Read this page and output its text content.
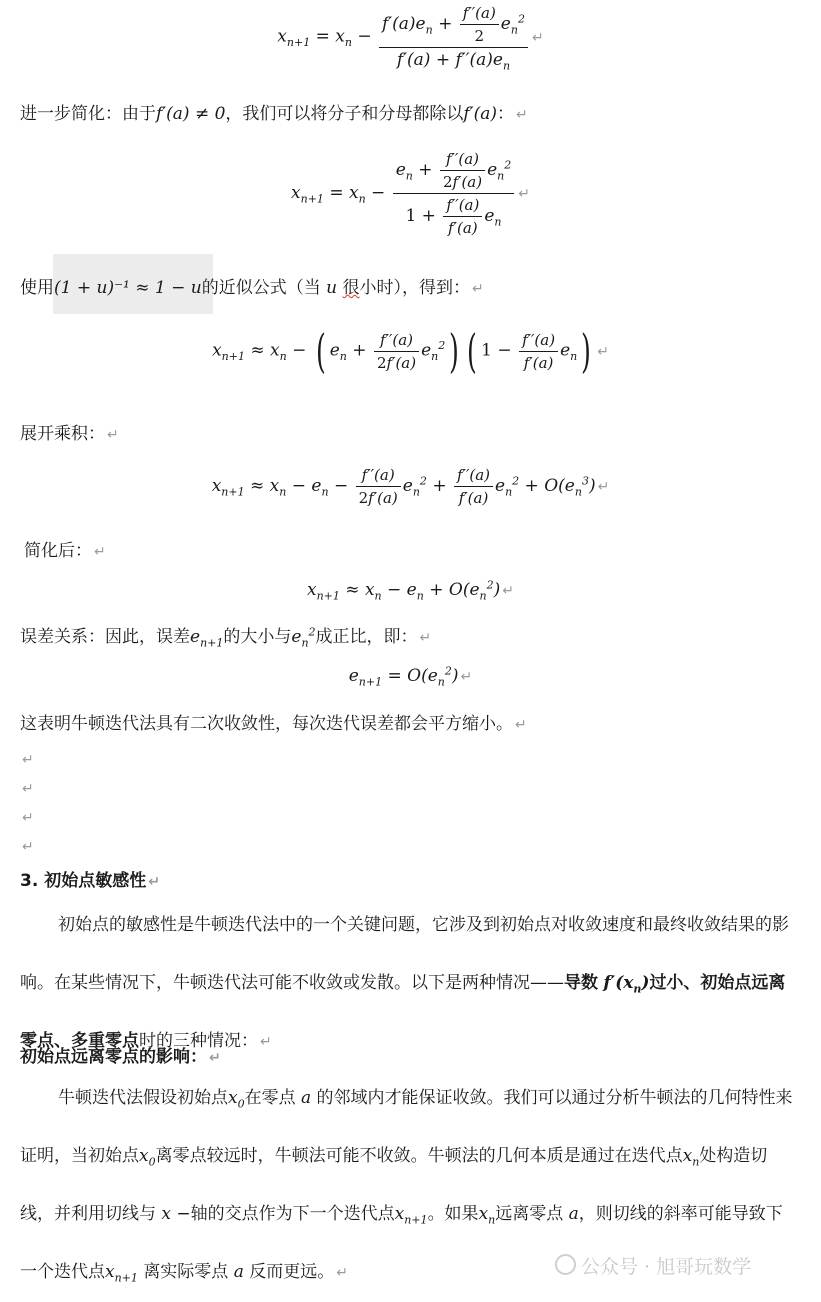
$x_{n+1} = x_n - \frac{f'(a)e_n + \frac{f''(a)}{2} e_n^2}{f'(a) + f''(a)e_n}$ ↵
进一步简化：由于f′(a) ≠ 0，我们可以将分子和分母都除以f′(a)： ↵
$x_{n+1} = x_n - \frac{e_n + \frac{f''(a)}{2f'(a)} e_n^2}{1 + \frac{f''(a)}{f'(a)} e_n}$ ↵
使用(1 + u)⁻¹ ≈ 1 − u的近似公式（当 u 很小时），得到： ↵
$x_{n+1} \approx x_n$ − ( $e_n + \frac{f''(a)}{2f'(a)} e_n^2$) ( $1 - \frac{f''(a)}{f'(a)} e_n$) ↵
展开乘积： ↵
$x_{n+1} \approx x_n - e_n - \frac{f''(a)}{2f'(a)} e_n^2 + \frac{f''(a)}{f'(a)} e_n^2 + O(e_n^3)$ ↵
简化后： ↵
$x_{n+1} \approx x_n - e_n + O(e_n^2)$ ↵
误差关系：因此，误差$e_{n+1}$的大小与$e_n^2$成正比，即： ↵
$e_{n+1} = O(e_n^2)$ ↵
这表明牛顿迭代法具有二次收敛性，每次迭代误差都会平方缩小。 ↵
↵
↵
↵
↵
3. 初始点敏感性 ↵
初始点的敏感性是牛顿迭代法中的一个关键问题，它涉及到初始点对收敛速度和最终收敛结果的影响。在某些情况下，牛顿迭代法可能不收敛或发散。以下是两种情况——导数 $f'(x_n)$过小、初始点远离零点、多重零点时的三种情况： ↵
初始点远离零点的影响： ↵
牛顿迭代法假设初始点$x_0$在零点 a 的邻域内才能保证收敛。我们可以通过分析牛顿法的几何特性来证明，当初始点$x_0$离零点较远时，牛顿法可能不收敛。牛顿法的几何本质是通过在迭代点$x_n$处构造切线，并利用切线与 x −轴的交点作为下一个迭代点$x_{n+1}$。如果$x_n$远离零点 a，则切线的斜率可能导致下一个迭代点$x_{n+1}$ 离实际零点 a 反而更远。 ↵	公众号 · 旭哥玩数学
